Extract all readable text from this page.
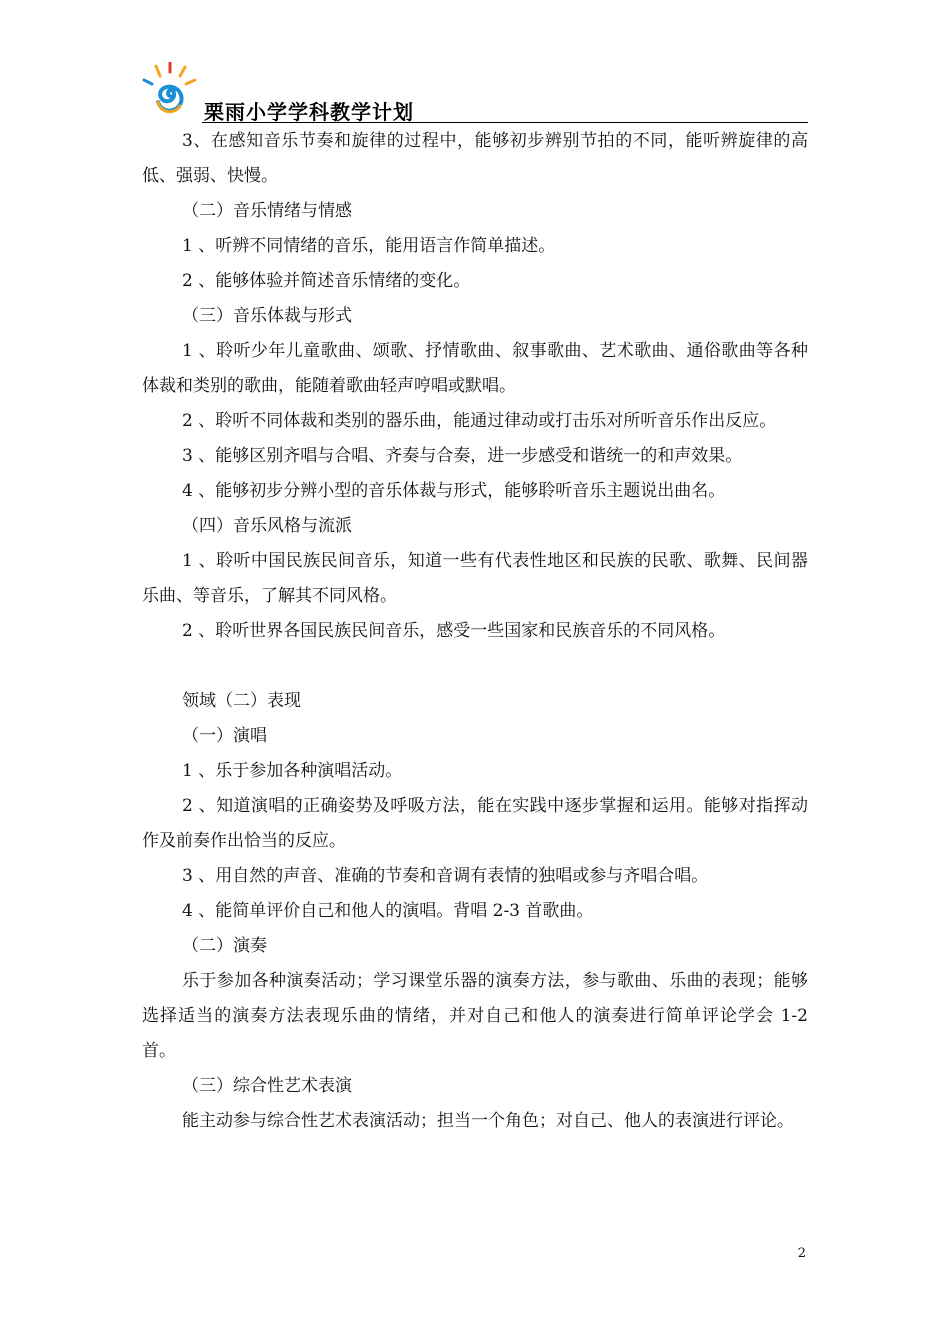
栗雨小学学科教学计划

3、在感知音乐节奏和旋律的过程中，能够初步辨别节拍的不同，能听辨旋律的高低、强弱、快慢。

（二）音乐情绪与情感

1 、听辨不同情绪的音乐，能用语言作简单描述。

2 、能够体验并简述音乐情绪的变化。

（三）音乐体裁与形式

1 、聆听少年儿童歌曲、颂歌、抒情歌曲、叙事歌曲、艺术歌曲、通俗歌曲等各种体裁和类别的歌曲，能随着歌曲轻声哼唱或默唱。

2 、聆听不同体裁和类别的器乐曲，能通过律动或打击乐对所听音乐作出反应。

3 、能够区别齐唱与合唱、齐奏与合奏，进一步感受和谐统一的和声效果。

4 、能够初步分辨小型的音乐体裁与形式，能够聆听音乐主题说出曲名。

（四）音乐风格与流派

1 、聆听中国民族民间音乐，知道一些有代表性地区和民族的民歌、歌舞、民间器乐曲、等音乐，了解其不同风格。

2 、聆听世界各国民族民间音乐，感受一些国家和民族音乐的不同风格。

领域（二）表现

（一）演唱

1 、乐于参加各种演唱活动。

2 、知道演唱的正确姿势及呼吸方法，能在实践中逐步掌握和运用。能够对指挥动作及前奏作出恰当的反应。

3 、用自然的声音、准确的节奏和音调有表情的独唱或参与齐唱合唱。

4 、能简单评价自己和他人的演唱。背唱 2-3 首歌曲。

（二）演奏

乐于参加各种演奏活动；学习课堂乐器的演奏方法，参与歌曲、乐曲的表现；能够选择适当的演奏方法表现乐曲的情绪，并对自己和他人的演奏进行简单评论学会 1-2 首。

（三）综合性艺术表演

能主动参与综合性艺术表演活动；担当一个角色；对自己、他人的表演进行评论。

2
